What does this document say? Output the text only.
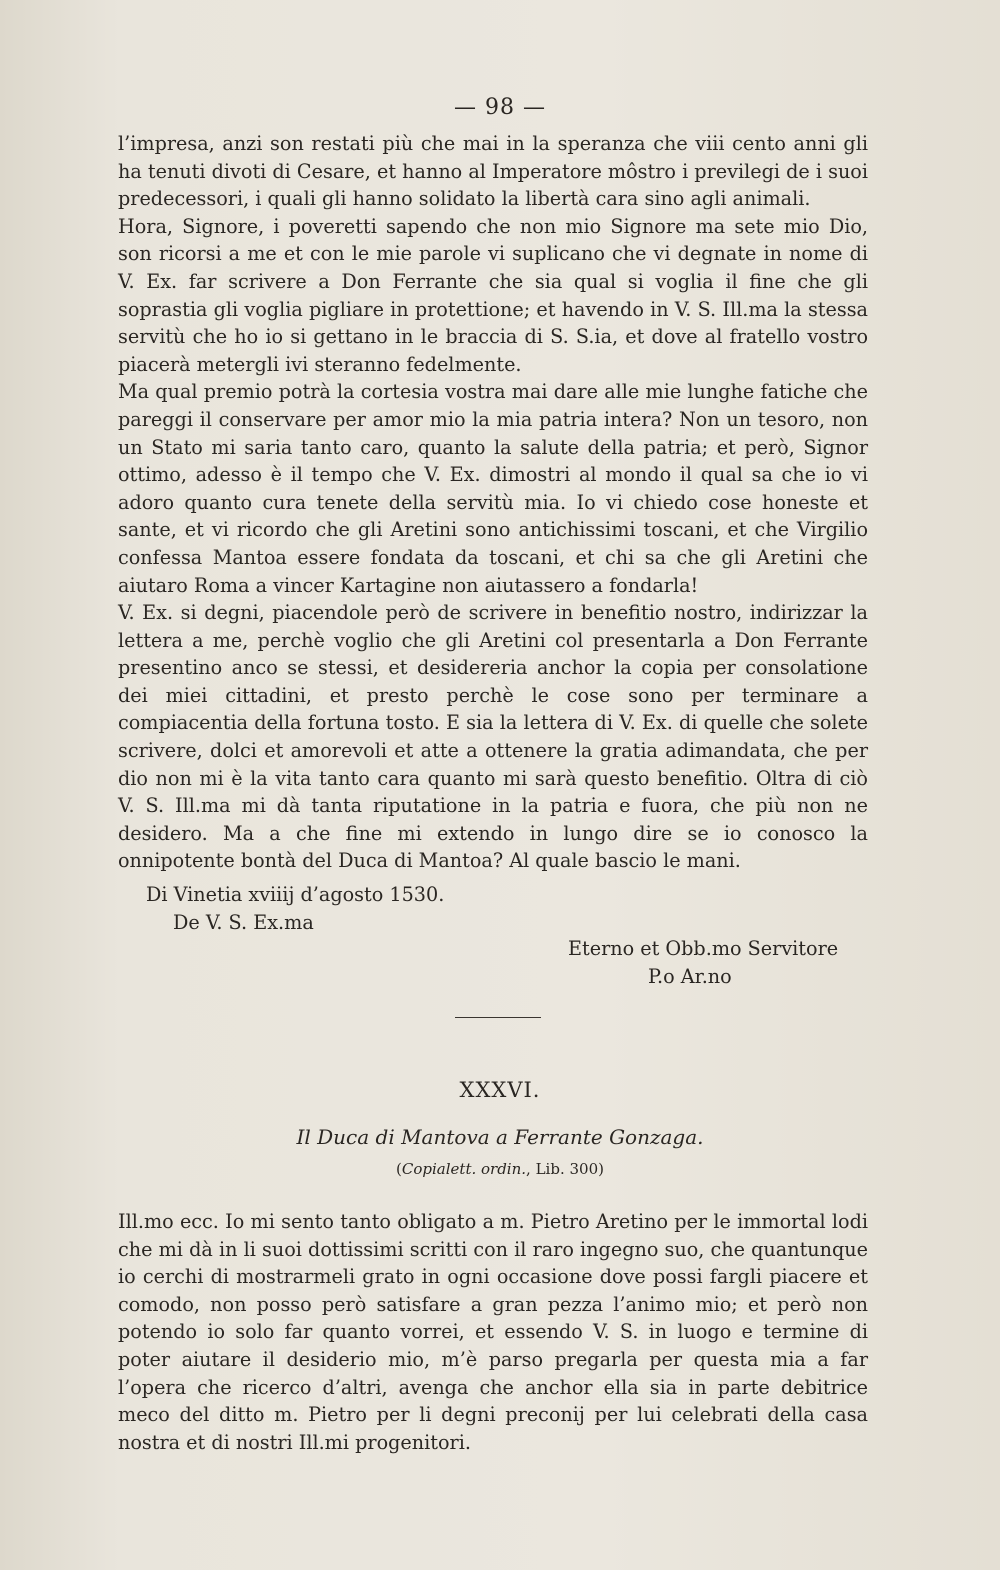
— 98 —

l’impresa, anzi son restati più che mai in la speranza che viii cento anni gli ha tenuti divoti di Cesare, et hanno al Imperatore môstro i previlegi de i suoi predecessori, i quali gli hanno solidato la libertà cara sino agli animali.

Hora, Signore, i poveretti sapendo che non mio Signore ma sete mio Dio, son ricorsi a me et con le mie parole vi suplicano che vi degnate in nome di V. Ex. far scrivere a Don Ferrante che sia qual si voglia il fine che gli soprastia gli voglia pigliare in protettione; et havendo in V. S. Ill.ma la stessa servitù che ho io si gettano in le braccia di S. S.ia, et dove al fratello vostro piacerà metergli ivi steranno fedelmente.

Ma qual premio potrà la cortesia vostra mai dare alle mie lunghe fatiche che pareggi il conservare per amor mio la mia patria intera? Non un tesoro, non un Stato mi saria tanto caro, quanto la salute della patria; et però, Signor ottimo, adesso è il tempo che V. Ex. dimostri al mondo il qual sa che io vi adoro quanto cura tenete della servitù mia. Io vi chiedo cose honeste et sante, et vi ricordo che gli Aretini sono antichissimi toscani, et che Virgilio confessa Mantoa essere fondata da toscani, et chi sa che gli Aretini che aiutaro Roma a vincer Kartagine non aiutassero a fondarla!

V. Ex. si degni, piacendole però de scrivere in benefitio nostro, indirizzar la lettera a me, perchè voglio che gli Aretini col presentarla a Don Ferrante presentino anco se stessi, et desidereria anchor la copia per consolatione dei miei cittadini, et presto perchè le cose sono per terminare a compiacentia della fortuna tosto. E sia la lettera di V. Ex. di quelle che solete scrivere, dolci et amorevoli et atte a ottenere la gratia adimandata, che per dio non mi è la vita tanto cara quanto mi sarà questo benefitio. Oltra di ciò V. S. Ill.ma mi dà tanta riputatione in la patria e fuora, che più non ne desidero. Ma a che fine mi extendo in lungo dire se io conosco la onnipotente bontà del Duca di Mantoa? Al quale bascio le mani.

Di Vinetia xviiij d’agosto 1530.
De V. S. Ex.ma
Eterno et Obb.mo Servitore
P.o Ar.no
XXXVI.
Il Duca di Mantova a Ferrante Gonzaga.
(Copialett. ordin., Lib. 300)

Ill.mo ecc. Io mi sento tanto obligato a m. Pietro Aretino per le immortal lodi che mi dà in li suoi dottissimi scritti con il raro ingegno suo, che quantunque io cerchi di mostrarmeli grato in ogni occasione dove possi fargli piacere et comodo, non posso però satisfare a gran pezza l’animo mio; et però non potendo io solo far quanto vorrei, et essendo V. S. in luogo e termine di poter aiutare il desiderio mio, m’è parso pregarla per questa mia a far l’opera che ricerco d’altri, avenga che anchor ella sia in parte debitrice meco del ditto m. Pietro per li degni preconij per lui celebrati della casa nostra et di nostri Ill.mi progenitori.
